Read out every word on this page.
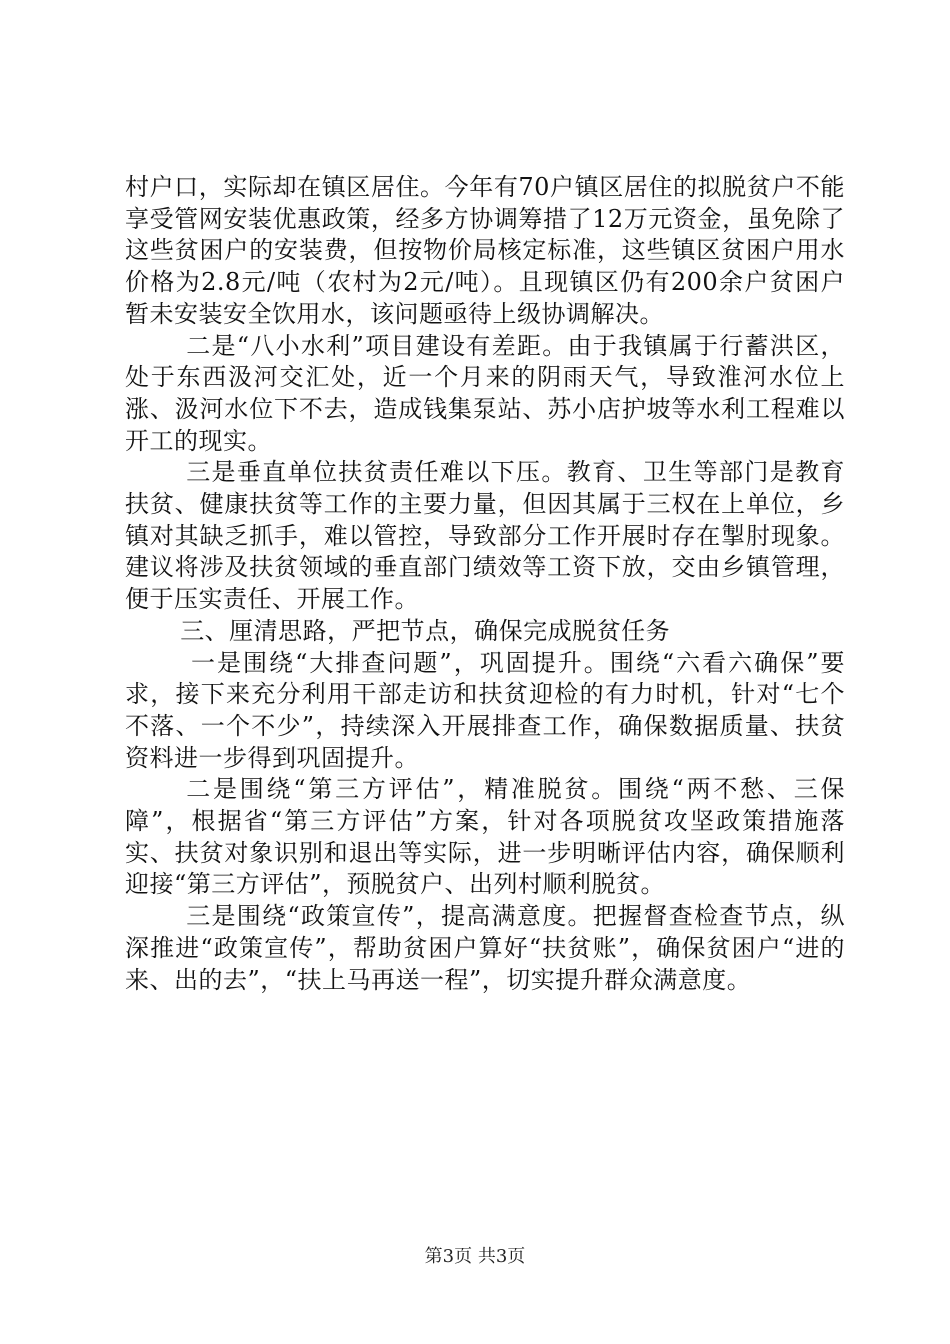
村户口，实际却在镇区居住。今年有70户镇区居住的拟脱贫户不能享受管网安装优惠政策，经多方协调筹措了12万元资金，虽免除了这些贫困户的安装费，但按物价局核定标准，这些镇区贫困户用水价格为2.8元/吨（农村为2元/吨）。且现镇区仍有200余户贫困户暂未安装安全饮用水，该问题亟待上级协调解决。

二是“八小水利”项目建设有差距。由于我镇属于行蓄洪区，处于东西汲河交汇处，近一个月来的阴雨天气，导致淮河水位上涨、汲河水位下不去，造成钱集泵站、苏小店护坡等水利工程难以开工的现实。

三是垂直单位扶贫责任难以下压。教育、卫生等部门是教育扶贫、健康扶贫等工作的主要力量，但因其属于三权在上单位，乡镇对其缺乏抓手，难以管控，导致部分工作开展时存在掣肘现象。建议将涉及扶贫领域的垂直部门绩效等工资下放，交由乡镇管理，便于压实责任、开展工作。

三、厘清思路，严把节点，确保完成脱贫任务

一是围绕“大排查问题”，巩固提升。围绕“六看六确保”要求，接下来充分利用干部走访和扶贫迎检的有力时机，针对“七个不落、一个不少”，持续深入开展排查工作，确保数据质量、扶贫资料进一步得到巩固提升。

二是围绕“第三方评估”，精准脱贫。围绕“两不愁、三保障”，根据省“第三方评估”方案，针对各项脱贫攻坚政策措施落实、扶贫对象识别和退出等实际，进一步明晰评估内容，确保顺利迎接“第三方评估”，预脱贫户、出列村顺利脱贫。

三是围绕“政策宣传”，提高满意度。把握督查检查节点，纵深推进“政策宣传”，帮助贫困户算好“扶贫账”，确保贫困户“进的来、出的去”，“扶上马再送一程”，切实提升群众满意度。

第3页 共3页
